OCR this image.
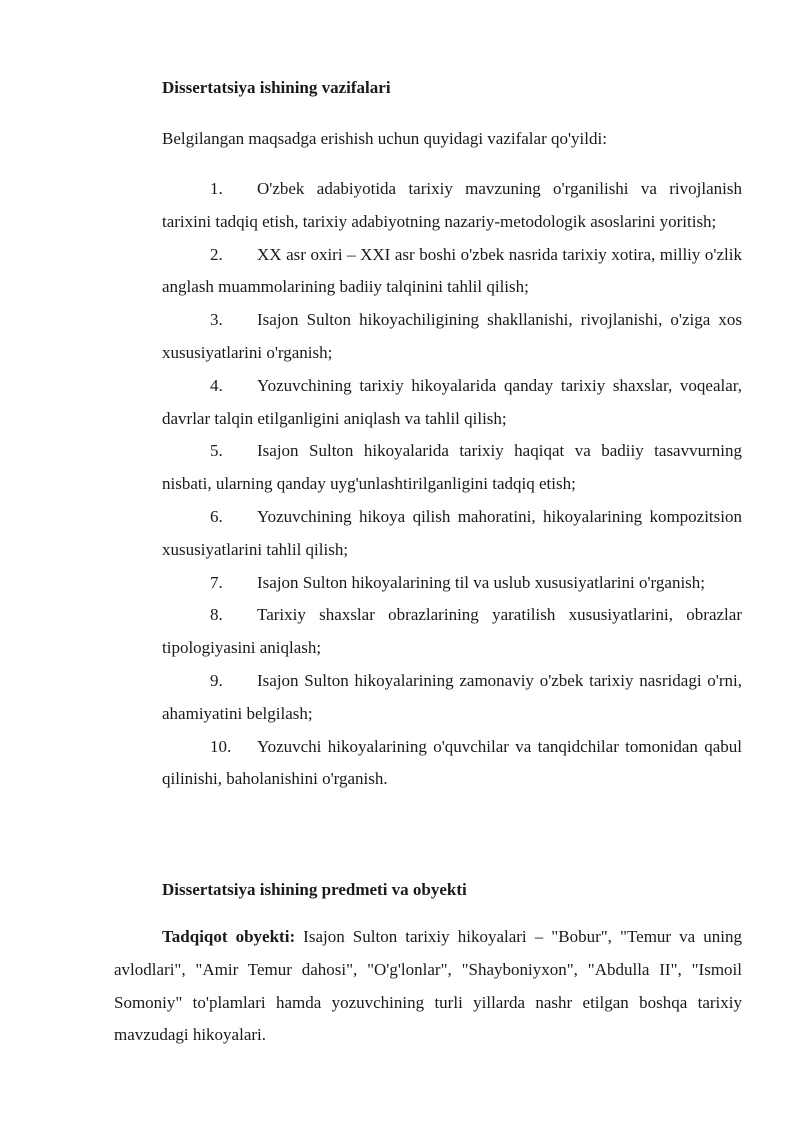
Dissertatsiya ishining vazifalari
Belgilangan maqsadga erishish uchun quyidagi vazifalar qo'yildi:
1. O'zbek adabiyotida tarixiy mavzuning o'rganilishi va rivojlanish tarixini tadqiq etish, tarixiy adabiyotning nazariy-metodologik asoslarini yoritish;
2. XX asr oxiri – XXI asr boshi o'zbek nasrida tarixiy xotira, milliy o'zlik anglash muammolarining badiiy talqinini tahlil qilish;
3. Isajon Sulton hikoyachiligining shakllanishi, rivojlanishi, o'ziga xos xususiyatlarini o'rganish;
4. Yozuvchining tarixiy hikoyalarida qanday tarixiy shaxslar, voqealar, davrlar talqin etilganligini aniqlash va tahlil qilish;
5. Isajon Sulton hikoyalarida tarixiy haqiqat va badiiy tasavvurning nisbati, ularning qanday uyg'unlashtirilganligini tadqiq etish;
6. Yozuvchining hikoya qilish mahoratini, hikoyalarining kompozitsion xususiyatlarini tahlil qilish;
7. Isajon Sulton hikoyalarining til va uslub xususiyatlarini o'rganish;
8. Tarixiy shaxslar obrazlarining yaratilish xususiyatlarini, obrazlar tipologiyasini aniqlash;
9. Isajon Sulton hikoyalarining zamonaviy o'zbek tarixiy nasridagi o'rni, ahamiyatini belgilash;
10. Yozuvchi hikoyalarining o'quvchilar va tanqidchilar tomonidan qabul qilinishi, baholanishini o'rganish.
Dissertatsiya ishining predmeti va obyekti

Tadqiqot obyekti: Isajon Sulton tarixiy hikoyalari – "Bobur", "Temur va uning avlodlari", "Amir Temur dahosi", "O'g'lonlar", "Shayboniyxon", "Abdulla II", "Ismoil Somoniy" to'plamlari hamda yozuvchining turli yillarda nashr etilgan boshqa tarixiy mavzudagi hikoyalari.
